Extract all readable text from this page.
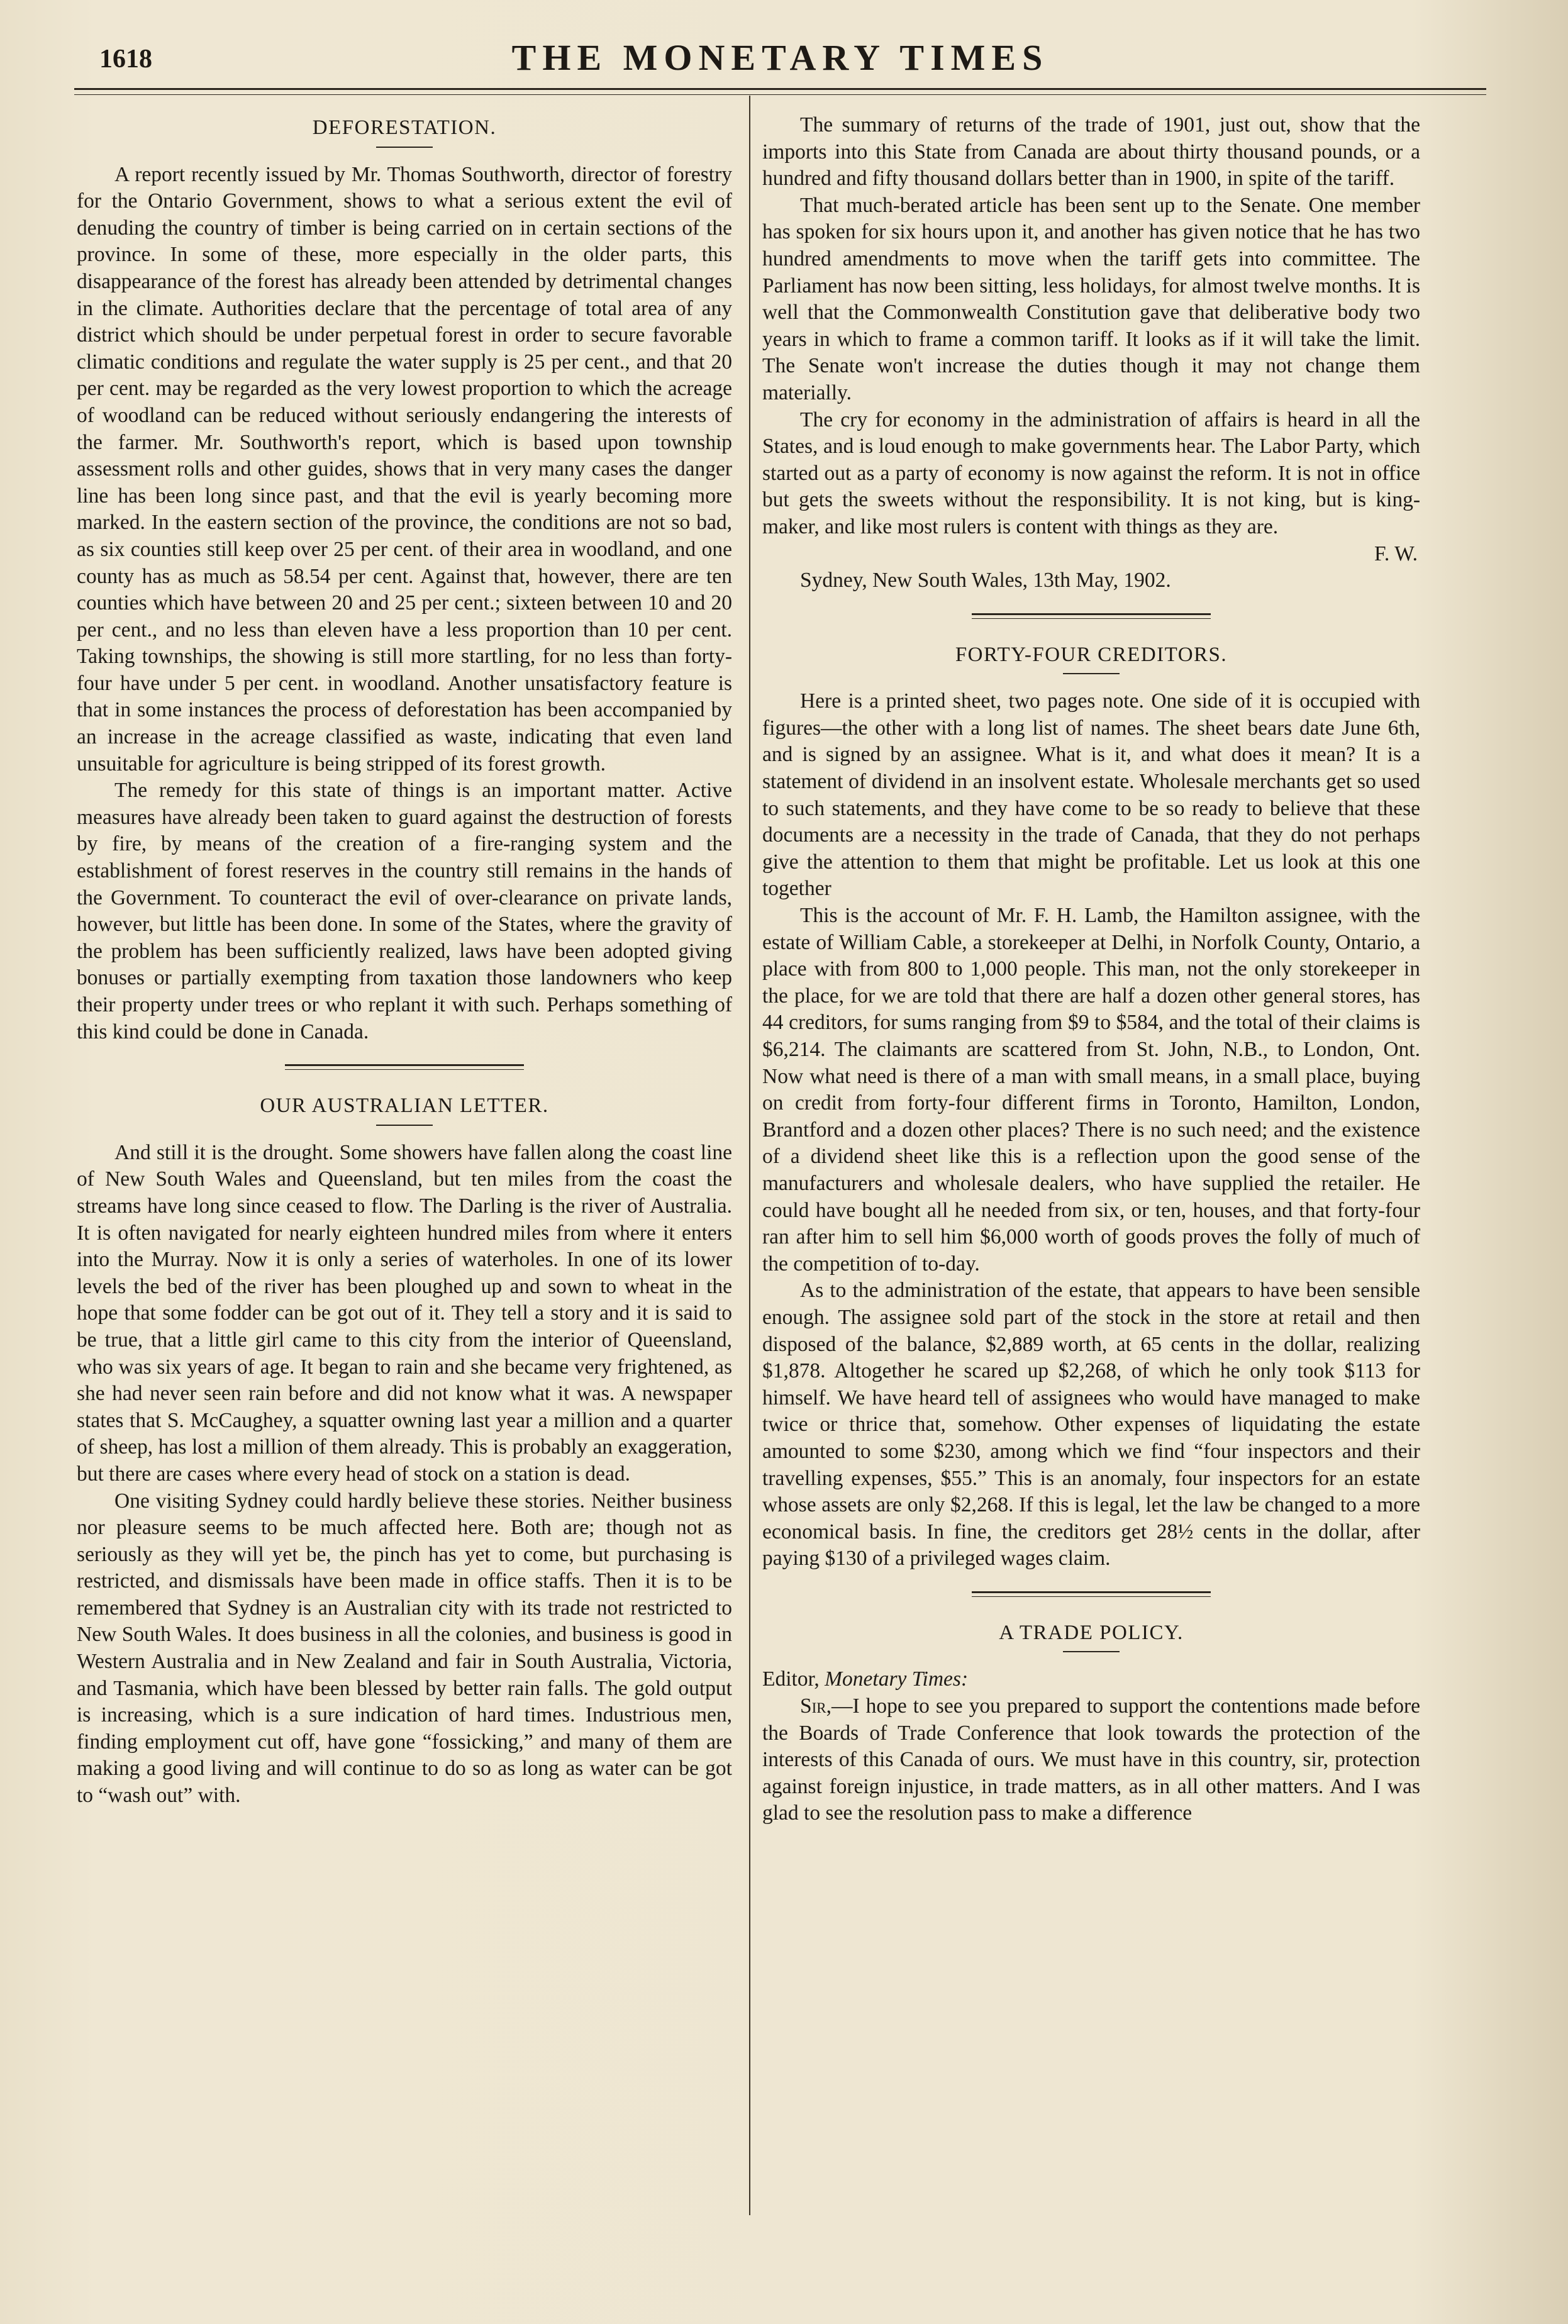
1618	THE MONETARY TIMES
DEFORESTATION.

A report recently issued by Mr. Thomas Southworth, director of forestry for the Ontario Government, shows to what a serious extent the evil of denuding the country of timber is being carried on in certain sections of the province. In some of these, more especially in the older parts, this disappearance of the forest has already been attended by detrimental changes in the climate. Authorities declare that the percentage of total area of any district which should be under perpetual forest in order to secure favorable climatic conditions and regulate the water supply is 25 per cent., and that 20 per cent. may be regarded as the very lowest proportion to which the acreage of woodland can be reduced without seriously endangering the interests of the farmer. Mr. Southworth's report, which is based upon township assessment rolls and other guides, shows that in very many cases the danger line has been long since past, and that the evil is yearly becoming more marked. In the eastern section of the province, the conditions are not so bad, as six counties still keep over 25 per cent. of their area in woodland, and one county has as much as 58.54 per cent. Against that, however, there are ten counties which have between 20 and 25 per cent.; sixteen between 10 and 20 per cent., and no less than eleven have a less proportion than 10 per cent. Taking townships, the showing is still more startling, for no less than forty-four have under 5 per cent. in woodland. Another unsatisfactory feature is that in some instances the process of deforestation has been accompanied by an increase in the acreage classified as waste, indicating that even land unsuitable for agriculture is being stripped of its forest growth.

The remedy for this state of things is an important matter. Active measures have already been taken to guard against the destruction of forests by fire, by means of the creation of a fire-ranging system and the establishment of forest reserves in the country still remains in the hands of the Government. To counteract the evil of over-clearance on private lands, however, but little has been done. In some of the States, where the gravity of the problem has been sufficiently realized, laws have been adopted giving bonuses or partially exempting from taxation those landowners who keep their property under trees or who replant it with such. Perhaps something of this kind could be done in Canada.

OUR AUSTRALIAN LETTER.

And still it is the drought. Some showers have fallen along the coast line of New South Wales and Queensland, but ten miles from the coast the streams have long since ceased to flow. The Darling is the river of Australia. It is often navigated for nearly eighteen hundred miles from where it enters into the Murray. Now it is only a series of waterholes. In one of its lower levels the bed of the river has been ploughed up and sown to wheat in the hope that some fodder can be got out of it. They tell a story and it is said to be true, that a little girl came to this city from the interior of Queensland, who was six years of age. It began to rain and she became very frightened, as she had never seen rain before and did not know what it was. A newspaper states that S. McCaughey, a squatter owning last year a million and a quarter of sheep, has lost a million of them already. This is probably an exaggeration, but there are cases where every head of stock on a station is dead.

One visiting Sydney could hardly believe these stories. Neither business nor pleasure seems to be much affected here. Both are; though not as seriously as they will yet be, the pinch has yet to come, but purchasing is restricted, and dismissals have been made in office staffs. Then it is to be remembered that Sydney is an Australian city with its trade not restricted to New South Wales. It does business in all the colonies, and business is good in Western Australia and in New Zealand and fair in South Australia, Victoria, and Tasmania, which have been blessed by better rain falls. The gold output is increasing, which is a sure indication of hard times. Industrious men, finding employment cut off, have gone “fossicking,” and many of them are making a good living and will continue to do so as long as water can be got to “wash out” with.

The summary of returns of the trade of 1901, just out, show that the imports into this State from Canada are about thirty thousand pounds, or a hundred and fifty thousand dollars better than in 1900, in spite of the tariff.

That much-berated article has been sent up to the Senate. One member has spoken for six hours upon it, and another has given notice that he has two hundred amendments to move when the tariff gets into committee. The Parliament has now been sitting, less holidays, for almost twelve months. It is well that the Commonwealth Constitution gave that deliberative body two years in which to frame a common tariff. It looks as if it will take the limit. The Senate won't increase the duties though it may not change them materially.

The cry for economy in the administration of affairs is heard in all the States, and is loud enough to make governments hear. The Labor Party, which started out as a party of economy is now against the reform. It is not in office but gets the sweets without the responsibility. It is not king, but is king-maker, and like most rulers is content with things as they are.

F. W.
Sydney, New South Wales, 13th May, 1902.
FORTY-FOUR CREDITORS.

Here is a printed sheet, two pages note. One side of it is occupied with figures—the other with a long list of names. The sheet bears date June 6th, and is signed by an assignee. What is it, and what does it mean? It is a statement of dividend in an insolvent estate. Wholesale merchants get so used to such statements, and they have come to be so ready to believe that these documents are a necessity in the trade of Canada, that they do not perhaps give the attention to them that might be profitable. Let us look at this one together

This is the account of Mr. F. H. Lamb, the Hamilton assignee, with the estate of William Cable, a storekeeper at Delhi, in Norfolk County, Ontario, a place with from 800 to 1,000 people. This man, not the only storekeeper in the place, for we are told that there are half a dozen other general stores, has 44 creditors, for sums ranging from $9 to $584, and the total of their claims is $6,214. The claimants are scattered from St. John, N.B., to London, Ont. Now what need is there of a man with small means, in a small place, buying on credit from forty-four different firms in Toronto, Hamilton, London, Brantford and a dozen other places? There is no such need; and the existence of a dividend sheet like this is a reflection upon the good sense of the manufacturers and wholesale dealers, who have supplied the retailer. He could have bought all he needed from six, or ten, houses, and that forty-four ran after him to sell him $6,000 worth of goods proves the folly of much of the competition of to-day.

As to the administration of the estate, that appears to have been sensible enough. The assignee sold part of the stock in the store at retail and then disposed of the balance, $2,889 worth, at 65 cents in the dollar, realizing $1,878. Altogether he scared up $2,268, of which he only took $113 for himself. We have heard tell of assignees who would have managed to make twice or thrice that, somehow. Other expenses of liquidating the estate amounted to some $230, among which we find “four inspectors and their travelling expenses, $55.” This is an anomaly, four inspectors for an estate whose assets are only $2,268. If this is legal, let the law be changed to a more economical basis. In fine, the creditors get 28½ cents in the dollar, after paying $130 of a privileged wages claim.

A TRADE POLICY.

Editor, Monetary Times:

Sir,—I hope to see you prepared to support the contentions made before the Boards of Trade Conference that look towards the protection of the interests of this Canada of ours. We must have in this country, sir, protection against foreign injustice, in trade matters, as in all other matters. And I was glad to see the resolution pass to make a difference
